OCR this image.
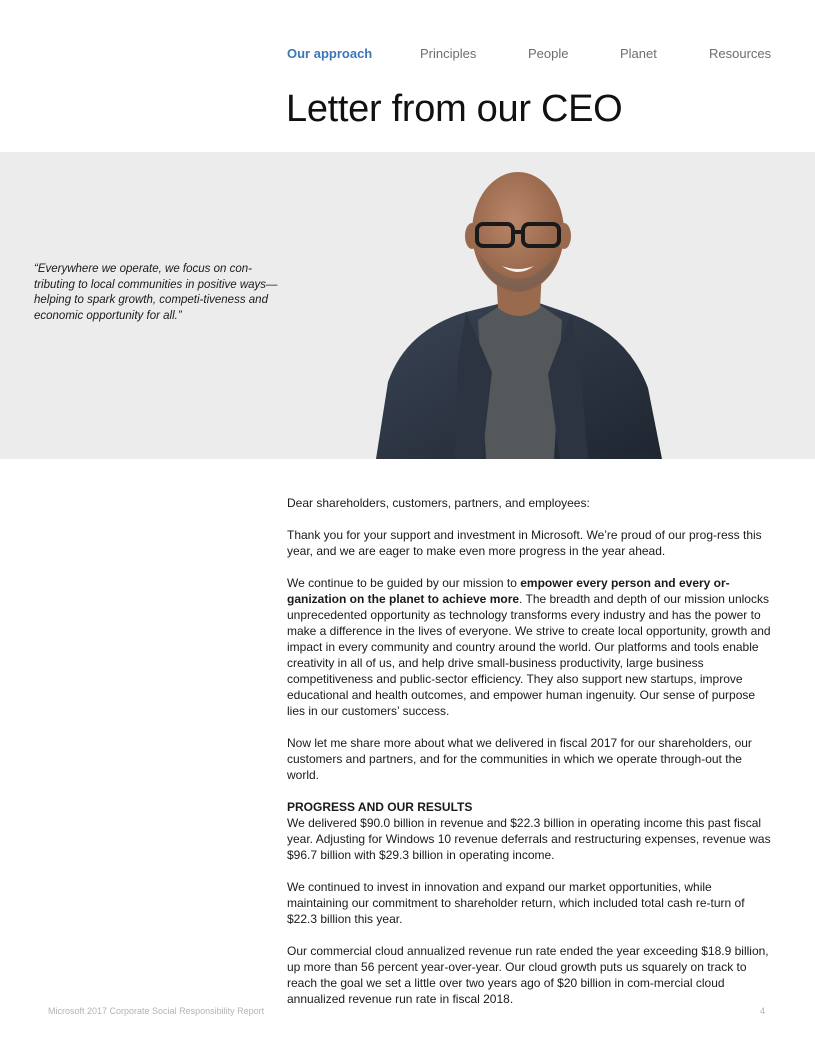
Our approach	Principles	People	Planet	Resources
Letter from our CEO
“Everywhere we operate, we focus on con-tributing to local communities in positive ways—helping to spark growth, competi-tiveness and economic opportunity for all.”

Dear shareholders, customers, partners, and employees:

Thank you for your support and investment in Microsoft. We’re proud of our prog-ress this year, and we are eager to make even more progress in the year ahead.

We continue to be guided by our mission to empower every person and every or-ganization on the planet to achieve more. The breadth and depth of our mission unlocks unprecedented opportunity as technology transforms every industry and has the power to make a difference in the lives of everyone. We strive to create local opportunity, growth and impact in every community and country around the world. Our platforms and tools enable creativity in all of us, and help drive small-business productivity, large business competitiveness and public-sector efficiency. They also support new startups, improve educational and health outcomes, and empower human ingenuity. Our sense of purpose lies in our customers’ success.

Now let me share more about what we delivered in fiscal 2017 for our shareholders, our customers and partners, and for the communities in which we operate through-out the world.

PROGRESS AND OUR RESULTS

We delivered $90.0 billion in revenue and $22.3 billion in operating income this past fiscal year. Adjusting for Windows 10 revenue deferrals and restructuring expenses, revenue was $96.7 billion with $29.3 billion in operating income.

We continued to invest in innovation and expand our market opportunities, while maintaining our commitment to shareholder return, which included total cash re-turn of $22.3 billion this year.

Our commercial cloud annualized revenue run rate ended the year exceeding $18.9 billion, up more than 56 percent year-over-year. Our cloud growth puts us squarely on track to reach the goal we set a little over two years ago of $20 billion in com-mercial cloud annualized revenue run rate in fiscal 2018.

Microsoft 2017 Corporate Social Responsibility Report	4
